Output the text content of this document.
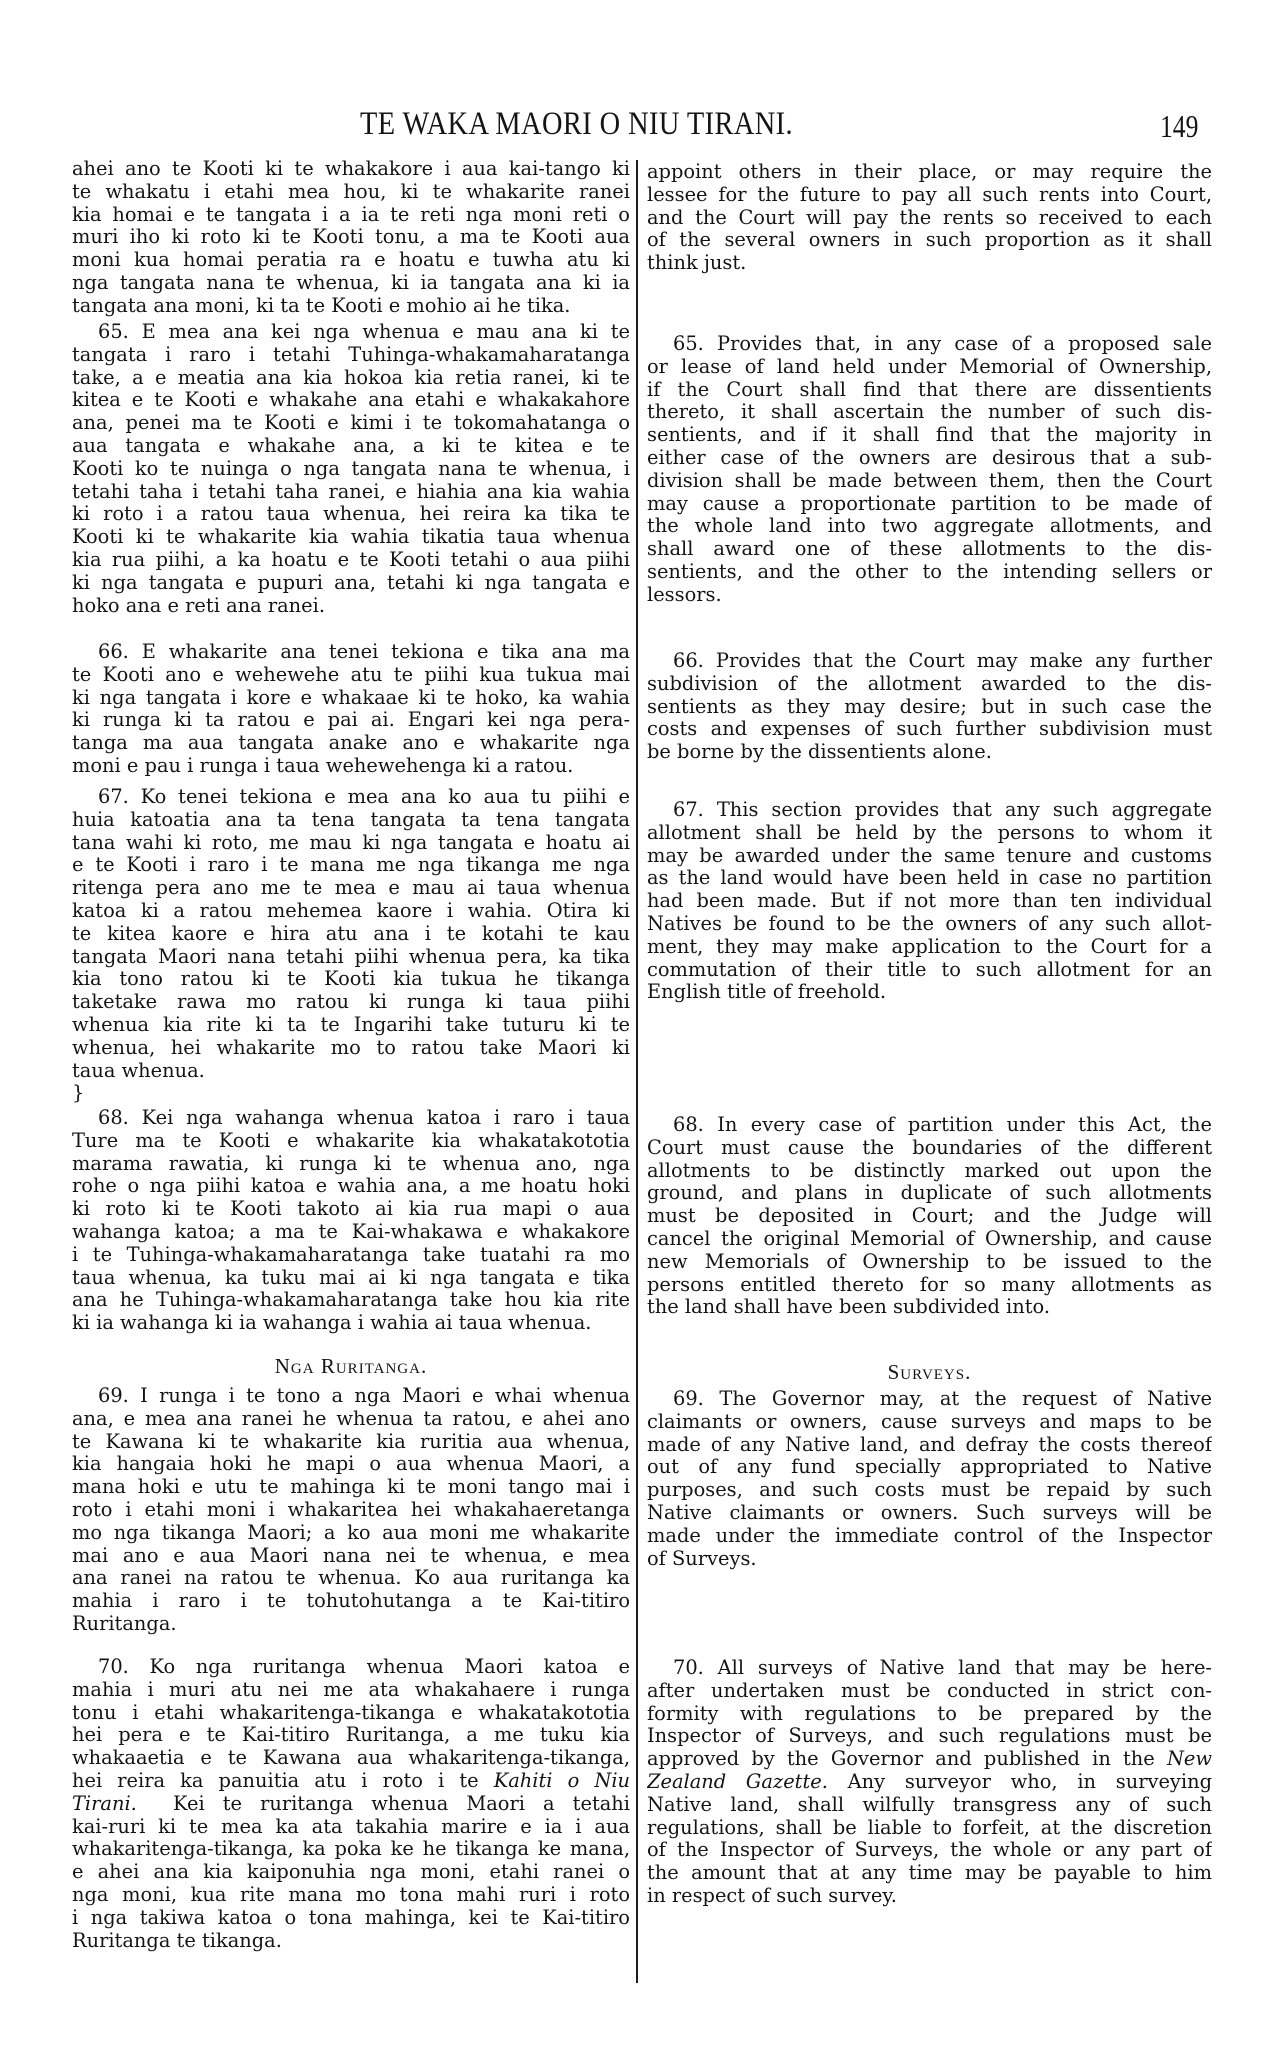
TE WAKA MAORI O NIU TIRANI.	149
ahei ano te Kooti ki te whakakore i aua kai-tango ki
te whakatu i etahi mea hou, ki te whakarite ranei
kia homai e te tangata i a ia te reti nga moni reti o
muri iho ki roto ki te Kooti tonu, a ma te Kooti aua
moni kua homai peratia ra e hoatu e tuwha atu ki
nga tangata nana te whenua, ki ia tangata ana ki ia
tangata ana moni, ki ta te Kooti e mohio ai he tika.
65. E mea ana kei nga whenua e mau ana ki te
tangata i raro i tetahi Tuhinga-whakamaharatanga
take, a e meatia ana kia hokoa kia retia ranei, ki te
kitea e te Kooti e whakahe ana etahi e whakakahore
ana, penei ma te Kooti e kimi i te tokomahatanga o
aua tangata e whakahe ana, a ki te kitea e te
Kooti ko te nuinga o nga tangata nana te whenua, i
tetahi taha i tetahi taha ranei, e hiahia ana kia wahia
ki roto i a ratou taua whenua, hei reira ka tika te
Kooti ki te whakarite kia wahia tikatia taua whenua
kia rua piihi, a ka hoatu e te Kooti tetahi o aua piihi
ki nga tangata e pupuri ana, tetahi ki nga tangata e
hoko ana e reti ana ranei.
66. E whakarite ana tenei tekiona e tika ana ma
te Kooti ano e wehewehe atu te piihi kua tukua mai
ki nga tangata i kore e whakaae ki te hoko, ka wahia
ki runga ki ta ratou e pai ai. Engari kei nga pera-
tanga ma aua tangata anake ano e whakarite nga
moni e pau i runga i taua wehewehenga ki a ratou.
67. Ko tenei tekiona e mea ana ko aua tu piihi e
huia katoatia ana ta tena tangata ta tena tangata
tana wahi ki roto, me mau ki nga tangata e hoatu ai
e te Kooti i raro i te mana me nga tikanga me nga
ritenga pera ano me te mea e mau ai taua whenua
katoa ki a ratou mehemea kaore i wahia. Otira ki
te kitea kaore e hira atu ana i te kotahi te kau
tangata Maori nana tetahi piihi whenua pera, ka tika
kia tono ratou ki te Kooti kia tukua he tikanga
taketake rawa mo ratou ki runga ki taua piihi
whenua kia rite ki ta te Ingarihi take tuturu ki te
whenua, hei whakarite mo to ratou take Maori ki
taua whenua.
}
68. Kei nga wahanga whenua katoa i raro i taua
Ture ma te Kooti e whakarite kia whakatakototia
marama rawatia, ki runga ki te whenua ano, nga
rohe o nga piihi katoa e wahia ana, a me hoatu hoki
ki roto ki te Kooti takoto ai kia rua mapi o aua
wahanga katoa; a ma te Kai-whakawa e whakakore
i te Tuhinga-whakamaharatanga take tuatahi ra mo
taua whenua, ka tuku mai ai ki nga tangata e tika
ana he Tuhinga-whakamaharatanga take hou kia rite
ki ia wahanga ki ia wahanga i wahia ai taua whenua.
Nga Ruritanga.
69. I runga i te tono a nga Maori e whai whenua
ana, e mea ana ranei he whenua ta ratou, e ahei ano
te Kawana ki te whakarite kia ruritia aua whenua,
kia hangaia hoki he mapi o aua whenua Maori, a
mana hoki e utu te mahinga ki te moni tango mai i
roto i etahi moni i whakaritea hei whakahaeretanga
mo nga tikanga Maori; a ko aua moni me whakarite
mai ano e aua Maori nana nei te whenua, e mea
ana ranei na ratou te whenua. Ko aua ruritanga ka
mahia i raro i te tohutohutanga a te Kai-titiro
Ruritanga.
70. Ko nga ruritanga whenua Maori katoa e
mahia i muri atu nei me ata whakahaere i runga
tonu i etahi whakaritenga-tikanga e whakatakototia
hei pera e te Kai-titiro Ruritanga, a me tuku kia
whakaaetia e te Kawana aua whakaritenga-tikanga,
hei reira ka panuitia atu i roto i te Kahiti o Niu
Tirani.  Kei te ruritanga whenua Maori a tetahi
kai-ruri ki te mea ka ata takahia marire e ia i aua
whakaritenga-tikanga, ka poka ke he tikanga ke mana,
e ahei ana kia kaiponuhia nga moni, etahi ranei o
nga moni, kua rite mana mo tona mahi ruri i roto
i nga takiwa katoa o tona mahinga, kei te Kai-titiro
Ruritanga te tikanga.
appoint others in their place, or may require the
lessee for the future to pay all such rents into Court,
and the Court will pay the rents so received to each
of the several owners in such proportion as it shall
think just.
65. Provides that, in any case of a proposed sale
or lease of land held under Memorial of Ownership,
if the Court shall find that there are dissentients
thereto, it shall ascertain the number of such dis-
sentients, and if it shall find that the majority in
either case of the owners are desirous that a sub-
division shall be made between them, then the Court
may cause a proportionate partition to be made of
the whole land into two aggregate allotments, and
shall award one of these allotments to the dis-
sentients, and the other to the intending sellers or
lessors.
66. Provides that the Court may make any further
subdivision of the allotment awarded to the dis-
sentients as they may desire; but in such case the
costs and expenses of such further subdivision must
be borne by the dissentients alone.
67. This section provides that any such aggregate
allotment shall be held by the persons to whom it
may be awarded under the same tenure and customs
as the land would have been held in case no partition
had been made. But if not more than ten individual
Natives be found to be the owners of any such allot-
ment, they may make application to the Court for a
commutation of their title to such allotment for an
English title of freehold.
68. In every case of partition under this Act, the
Court must cause the boundaries of the different
allotments to be distinctly marked out upon the
ground, and plans in duplicate of such allotments
must be deposited in Court; and the Judge will
cancel the original Memorial of Ownership, and cause
new Memorials of Ownership to be issued to the
persons entitled thereto for so many allotments as
the land shall have been subdivided into.
Surveys.
69. The Governor may, at the request of Native
claimants or owners, cause surveys and maps to be
made of any Native land, and defray the costs thereof
out of any fund specially appropriated to Native
purposes, and such costs must be repaid by such
Native claimants or owners. Such surveys will be
made under the immediate control of the Inspector
of Surveys.
70. All surveys of Native land that may be here-
after undertaken must be conducted in strict con-
formity with regulations to be prepared by the
Inspector of Surveys, and such regulations must be
approved by the Governor and published in the New
Zealand Gazette. Any surveyor who, in surveying
Native land, shall wilfully transgress any of such
regulations, shall be liable to forfeit, at the discretion
of the Inspector of Surveys, the whole or any part of
the amount that at any time may be payable to him
in respect of such survey.
